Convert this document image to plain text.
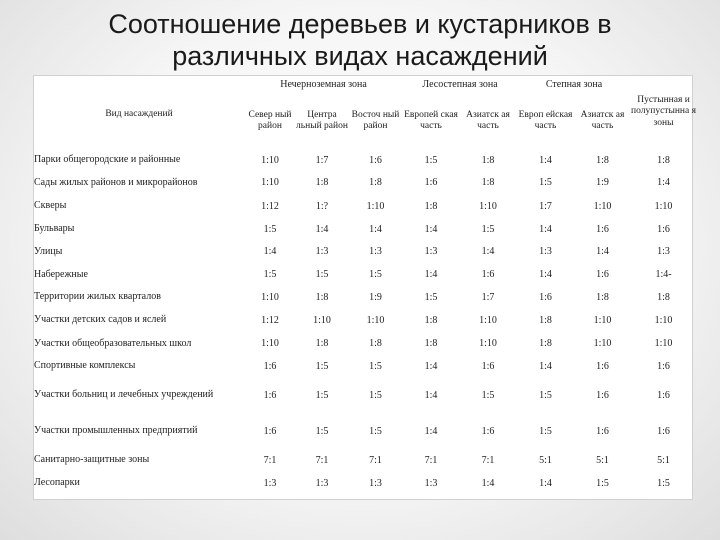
Соотношение деревьев и кустарников в
различных видах насаждений
Вид насаждений	Нечерноземная зона			Лесостепная зона		Степная зона		Пустынная и полупустынна я зоны
	Север ный район	Центра льный район	Восточ ный район	Европей ская часть	Азиатск ая часть	Европ ейская часть	Азиатск ая часть	
Парки общегородские и районные	1:10	1:7	1:6	1:5	1:8	1:4	1:8	1:8
Сады жилых районов и микрорайонов	1:10	1:8	1:8	1:6	1:8	1:5	1:9	1:4
Скверы	1:12	1:?	1:10	1:8	1:10	1:7	1:10	1:10
Бульвары	1:5	1:4	1:4	1:4	1:5	1:4	1:6	1:6
Улицы	1:4	1:3	1:3	1:3	1:4	1:3	1:4	1:3
Набережные	1:5	1:5	1:5	1:4	1:6	1:4	1:6	1:4-
Территории жилых кварталов	1:10	1:8	1:9	1:5	1:7	1:6	1:8	1:8
Участки детских садов и яслей	1:12	1:10	1:10	1:8	1:10	1:8	1:10	1:10
Участки общеобразовательных школ	1:10	1:8	1:8	1:8	1:10	1:8	1:10	1:10
Спортивные комплексы	1:6	1:5	1:5	1:4	1:6	1:4	1:6	1:6
Участки больниц и лечебных учреждений	1:6	1:5	1:5	1:4	1:5	1:5	1:6	1:6
Участки промышленных предприятий	1:6	1:5	1:5	1:4	1:6	1:5	1:6	1:6
Санитарно-защитные зоны	7:1	7:1	7:1	7:1	7:1	5:1	5:1	5:1
Лесопарки	1:3	1:3	1:3	1:3	1:4	1:4	1:5	1:5
